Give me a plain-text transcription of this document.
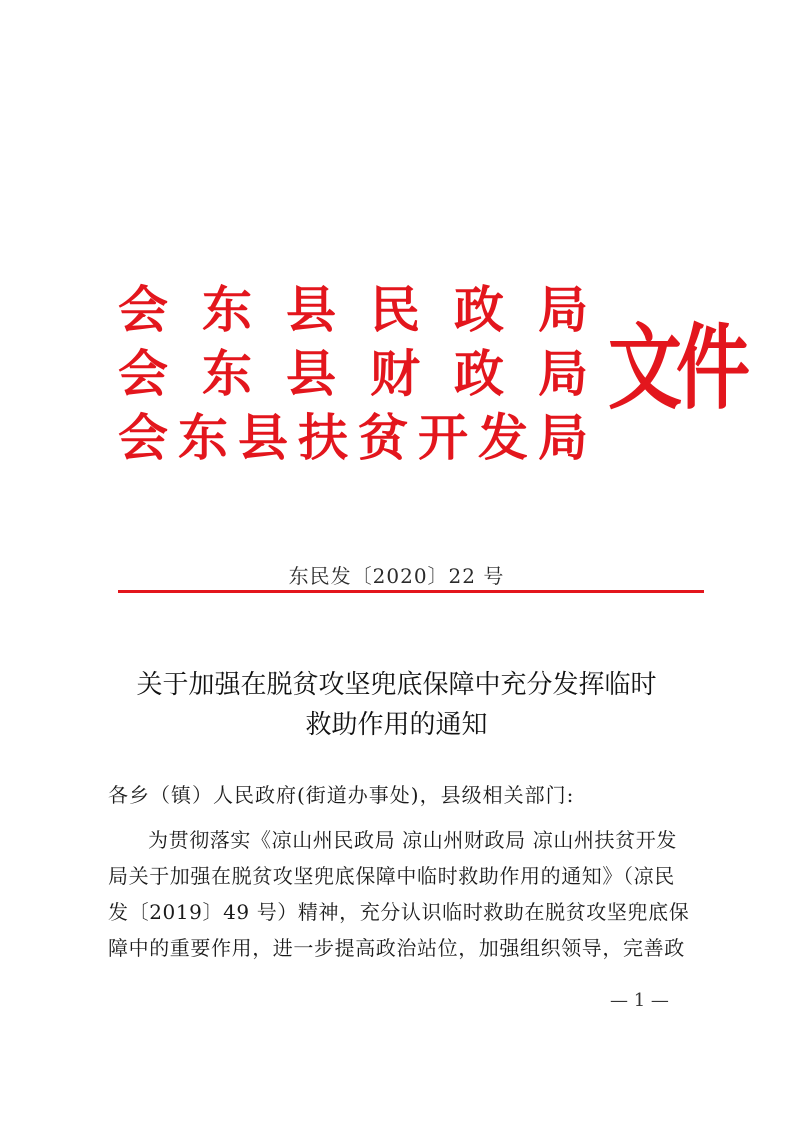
会 东 县 民 政 局
会 东 县 财 政 局
会 东 县 扶 贫 开 发 局
文件
东民发〔2020〕22 号
关于加强在脱贫攻坚兜底保障中充分发挥临时
救助作用的通知
各乡（镇）人民政府(街道办事处)，县级相关部门:
为贯彻落实《凉山州民政局 凉山州财政局 凉山州扶贫开发
局关于加强在脱贫攻坚兜底保障中临时救助作用的通知》（凉民
发〔2019〕49 号）精神，充分认识临时救助在脱贫攻坚兜底保
障中的重要作用，进一步提高政治站位，加强组织领导，完善政
— 1 —
